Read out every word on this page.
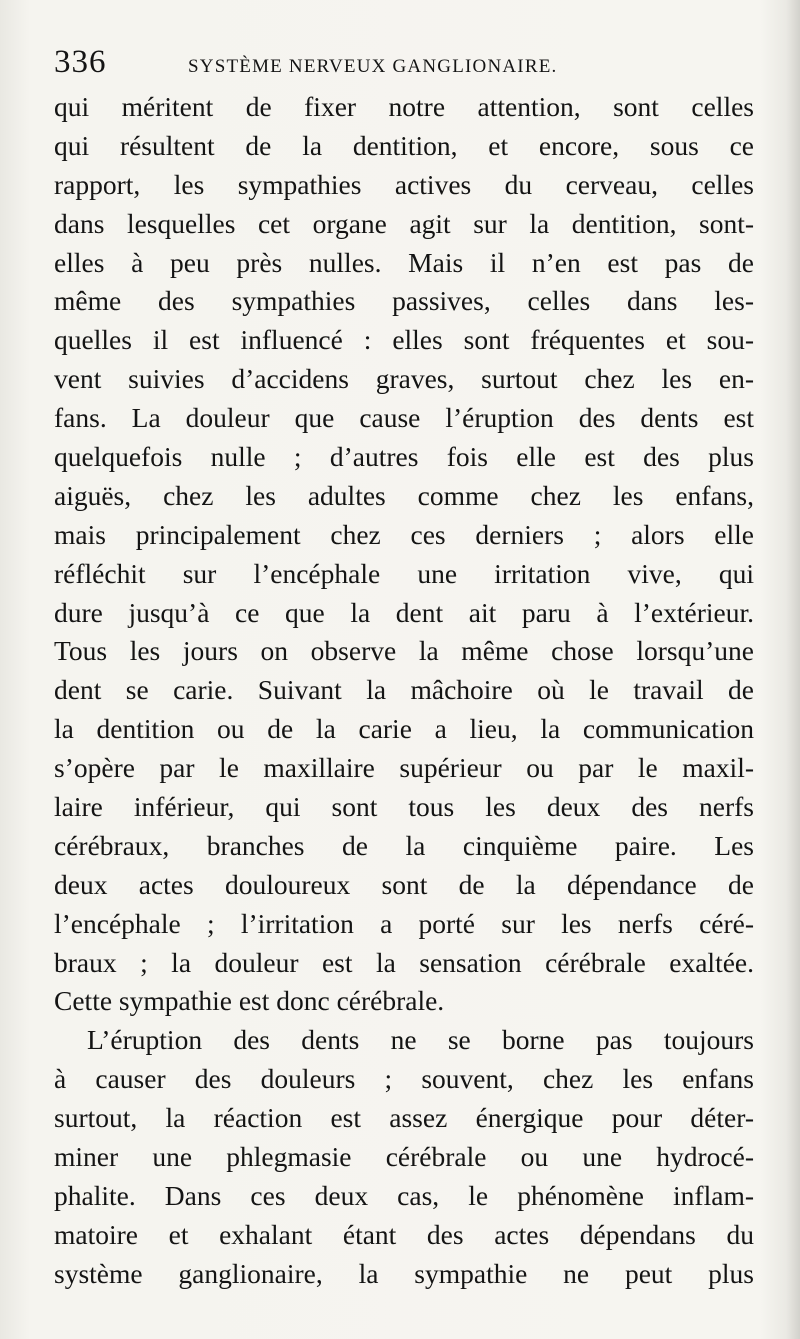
336	SYSTÈME NERVEUX GANGLIONAIRE.
qui méritent de fixer notre attention, sont celles
qui résultent de la dentition, et encore, sous ce
rapport, les sympathies actives du cerveau, celles
dans lesquelles cet organe agit sur la dentition, sont-
elles à peu près nulles. Mais il n’en est pas de
même des sympathies passives, celles dans les-
quelles il est influencé : elles sont fréquentes et sou-
vent suivies d’accidens graves, surtout chez les en-
fans. La douleur que cause l’éruption des dents est
quelquefois nulle ; d’autres fois elle est des plus
aiguës, chez les adultes comme chez les enfans,
mais principalement chez ces derniers ; alors elle
réfléchit sur l’encéphale une irritation vive, qui
dure jusqu’à ce que la dent ait paru à l’extérieur.
Tous les jours on observe la même chose lorsqu’une
dent se carie. Suivant la mâchoire où le travail de
la dentition ou de la carie a lieu, la communication
s’opère par le maxillaire supérieur ou par le maxil-
laire inférieur, qui sont tous les deux des nerfs
cérébraux, branches de la cinquième paire. Les
deux actes douloureux sont de la dépendance de
l’encéphale ; l’irritation a porté sur les nerfs céré-
braux ; la douleur est la sensation cérébrale exaltée.
Cette sympathie est donc cérébrale.
L’éruption des dents ne se borne pas toujours
à causer des douleurs ; souvent, chez les enfans
surtout, la réaction est assez énergique pour déter-
miner une phlegmasie cérébrale ou une hydrocé-
phalite. Dans ces deux cas, le phénomène inflam-
matoire et exhalant étant des actes dépendans du
système ganglionaire, la sympathie ne peut plus
